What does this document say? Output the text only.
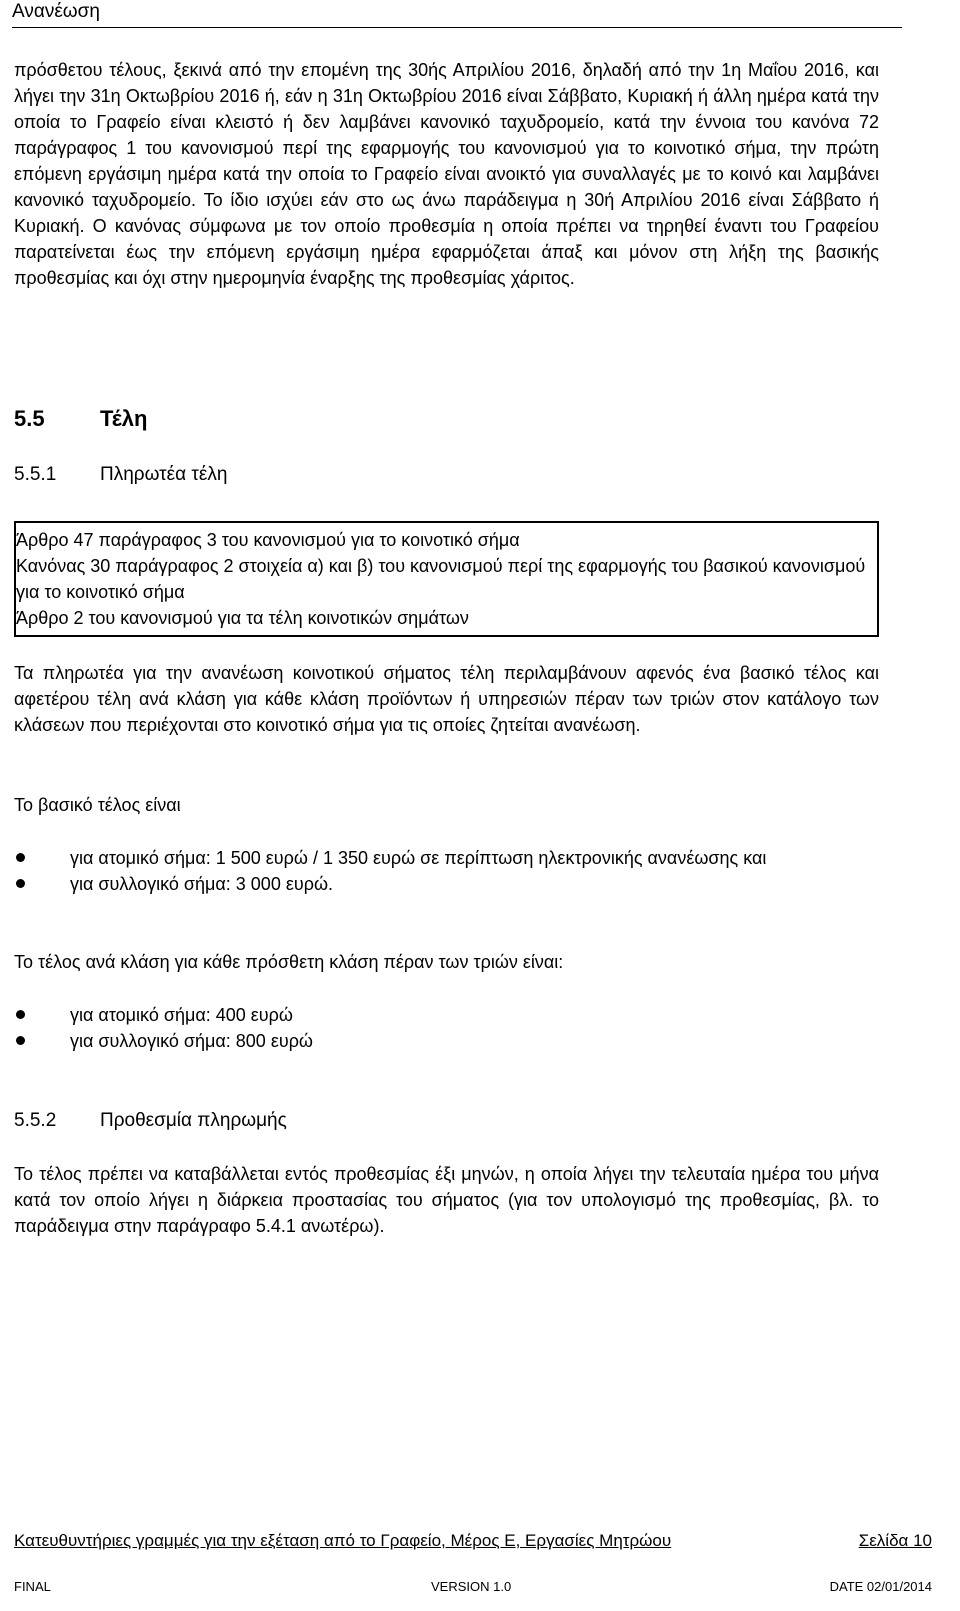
Ανανέωση

πρόσθετου τέλους, ξεκινά από την επομένη της 30ής Απριλίου 2016, δηλαδή από την 1η Μαΐου 2016, και λήγει την 31η Οκτωβρίου 2016 ή, εάν η 31η Οκτωβρίου 2016 είναι Σάββατο, Κυριακή ή άλλη ημέρα κατά την οποία το Γραφείο είναι κλειστό ή δεν λαμβάνει κανονικό ταχυδρομείο, κατά την έννοια του κανόνα 72 παράγραφος 1 του κανονισμού περί της εφαρμογής του κανονισμού για το κοινοτικό σήμα, την πρώτη επόμενη εργάσιμη ημέρα κατά την οποία το Γραφείο είναι ανοικτό για συναλλαγές με το κοινό και λαμβάνει κανονικό ταχυδρομείο. Το ίδιο ισχύει εάν στο ως άνω παράδειγμα η 30ή Απριλίου 2016 είναι Σάββατο ή Κυριακή. Ο κανόνας σύμφωνα με τον οποίο προθεσμία η οποία πρέπει να τηρηθεί έναντι του Γραφείου παρατείνεται έως την επόμενη εργάσιμη ημέρα εφαρμόζεται άπαξ και μόνον στη λήξη της βασικής προθεσμίας και όχι στην ημερομηνία έναρξης της προθεσμίας χάριτος.

5.5	Τέλη
5.5.1 Πληρωτέα τέλη
Άρθρο 47 παράγραφος 3 του κανονισμού για το κοινοτικό σήμα
Κανόνας 30 παράγραφος 2 στοιχεία α) και β) του κανονισμού περί της εφαρμογής του βασικού κανονισμού για το κοινοτικό σήμα
Άρθρο 2 του κανονισμού για τα τέλη κοινοτικών σημάτων

Τα πληρωτέα για την ανανέωση κοινοτικού σήματος τέλη περιλαμβάνουν αφενός ένα βασικό τέλος και αφετέρου τέλη ανά κλάση για κάθε κλάση προϊόντων ή υπηρεσιών πέραν των τριών στον κατάλογο των κλάσεων που περιέχονται στο κοινοτικό σήμα για τις οποίες ζητείται ανανέωση.

Το βασικό τέλος είναι

για ατομικό σήμα: 1 500 ευρώ / 1 350 ευρώ σε περίπτωση ηλεκτρονικής ανανέωσης και
για συλλογικό σήμα: 3 000 ευρώ.

Το τέλος ανά κλάση για κάθε πρόσθετη κλάση πέραν των τριών είναι:

για ατομικό σήμα: 400 ευρώ
για συλλογικό σήμα: 800 ευρώ
5.5.2 Προθεσμία πληρωμής

Το τέλος πρέπει να καταβάλλεται εντός προθεσμίας έξι μηνών, η οποία λήγει την τελευταία ημέρα του μήνα κατά τον οποίο λήγει η διάρκεια προστασίας του σήματος (για τον υπολογισμό της προθεσμίας, βλ. το παράδειγμα στην παράγραφο 5.4.1 ανωτέρω).

Κατευθυντήριες γραμμές για την εξέταση από το Γραφείο, Μέρος Ε, Εργασίες Μητρώου	Σελίδα 10
FINAL	VERSION 1.0	DATE 02/01/2014
